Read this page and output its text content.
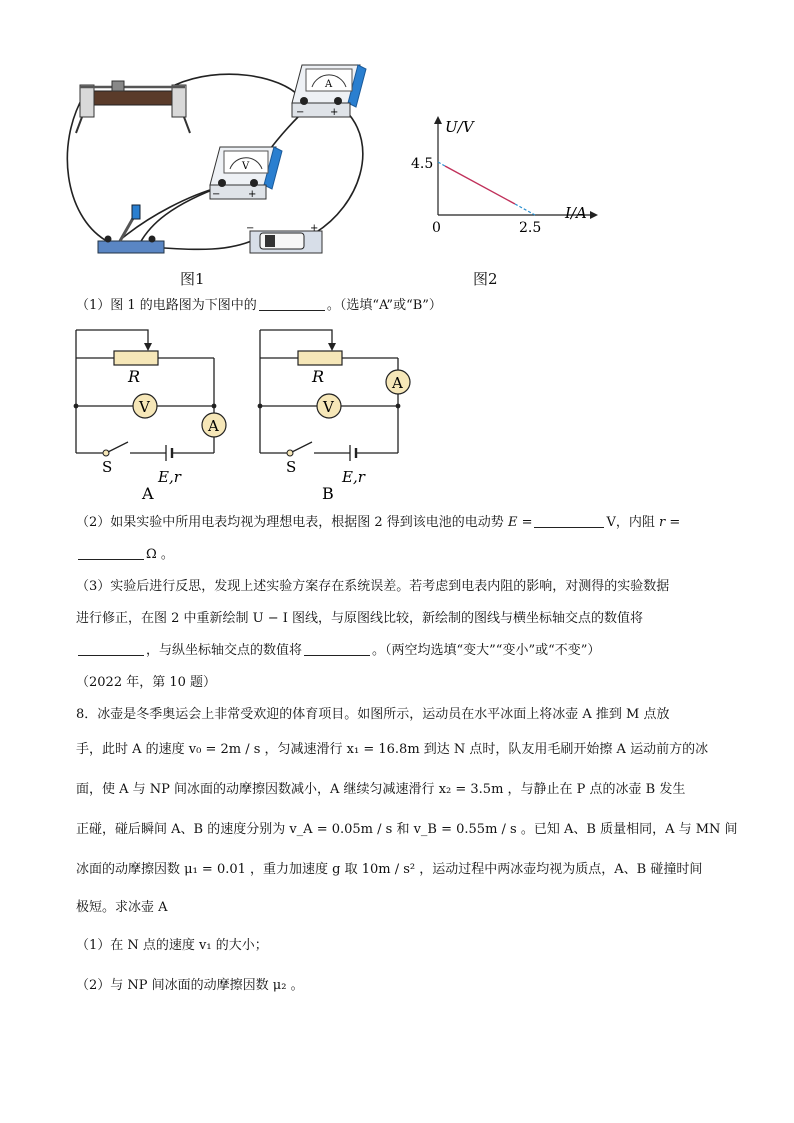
A
−	+
V
−	+
−	+
图1
U/V
I/A
4.5
0	2.5
图2
（1）图 1 的电路图为下图中的	。（选填“A”或“B”）
V
A
R
S
E,r
A
A
V
R
S
E,r
B
（2）如果实验中所用电表均视为理想电表，根据图 2 得到该电池的电动势 E =	V，内阻 r =
Ω 。
（3）实验后进行反思，发现上述实验方案存在系统误差。若考虑到电表内阻的影响，对测得的实验数据
进行修正，在图 2 中重新绘制 U − I 图线，与原图线比较，新绘制的图线与横坐标轴交点的数值将
，与纵坐标轴交点的数值将	。（两空均选填“变大”“变小”或“不变”）
（2022 年，第 10 题）
8．冰壶是冬季奥运会上非常受欢迎的体育项目。如图所示，运动员在水平冰面上将冰壶 A 推到 M 点放
手，此时 A 的速度 v₀ = 2m / s ，匀减速滑行 x₁ = 16.8m 到达 N 点时，队友用毛刷开始擦 A 运动前方的冰
面，使 A 与 NP 间冰面的动摩擦因数减小，A 继续匀减速滑行 x₂ = 3.5m ，与静止在 P 点的冰壶 B 发生
正碰，碰后瞬间 A、B 的速度分别为 v_A = 0.05m / s 和 v_B = 0.55m / s 。已知 A、B 质量相同，A 与 MN 间
冰面的动摩擦因数 μ₁ = 0.01 ，重力加速度 g 取 10m / s² ，运动过程中两冰壶均视为质点，A、B 碰撞时间
极短。求冰壶 A
（1）在 N 点的速度 v₁ 的大小；
（2）与 NP 间冰面的动摩擦因数 μ₂ 。
